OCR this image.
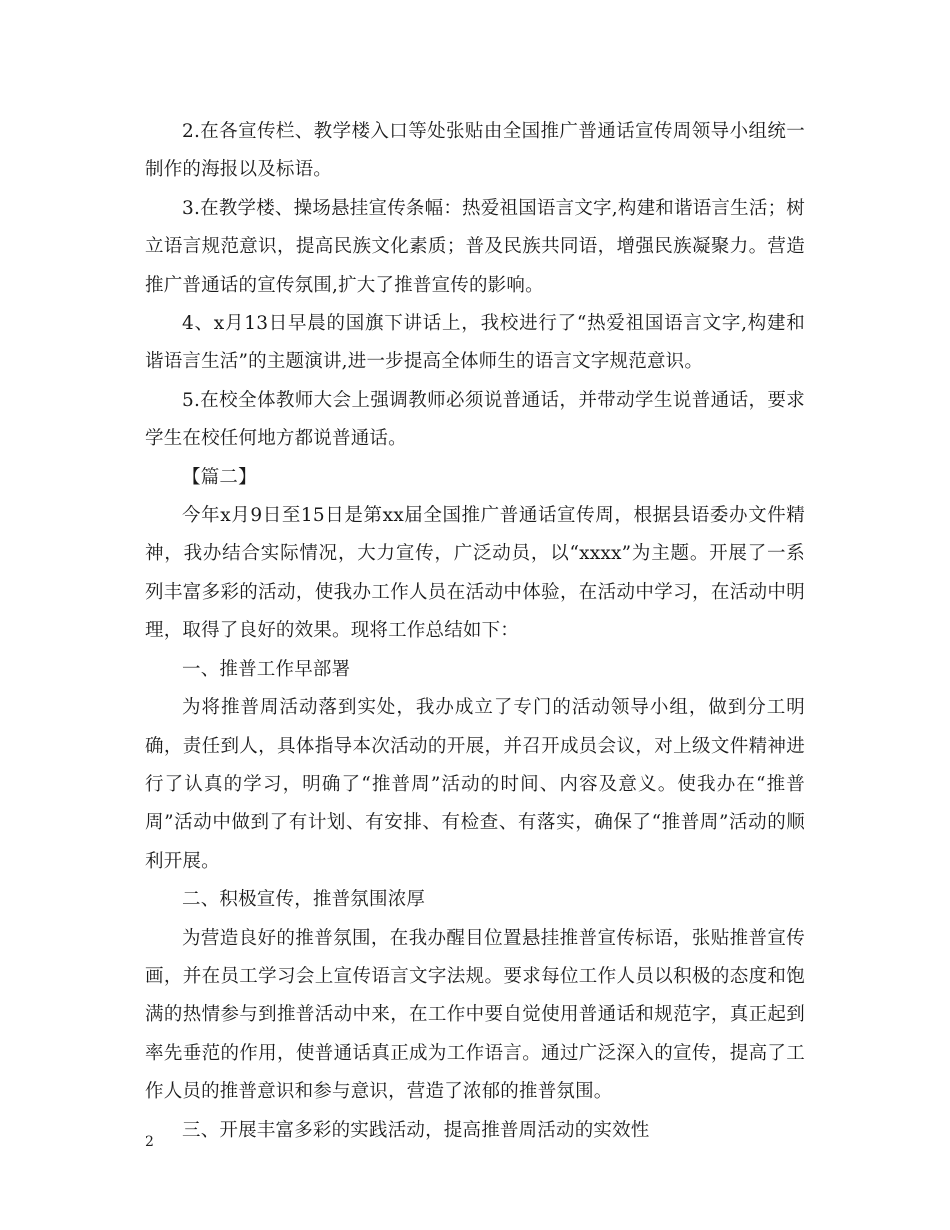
2.在各宣传栏、教学楼入口等处张贴由全国推广普通话宣传周领导小组统一制作的海报以及标语。

3.在教学楼、操场悬挂宣传条幅：热爱祖国语言文字,构建和谐语言生活；树立语言规范意识，提高民族文化素质；普及民族共同语，增强民族凝聚力。营造推广普通话的宣传氛围,扩大了推普宣传的影响。

4、x月13日早晨的国旗下讲话上，我校进行了“热爱祖国语言文字,构建和谐语言生活”的主题演讲,进一步提高全体师生的语言文字规范意识。

5.在校全体教师大会上强调教师必须说普通话，并带动学生说普通话，要求学生在校任何地方都说普通话。

【篇二】

今年x月9日至15日是第xx届全国推广普通话宣传周，根据县语委办文件精神，我办结合实际情况，大力宣传，广泛动员，以“xxxx”为主题。开展了一系列丰富多彩的活动，使我办工作人员在活动中体验，在活动中学习，在活动中明理，取得了良好的效果。现将工作总结如下：

一、推普工作早部署

为将推普周活动落到实处，我办成立了专门的活动领导小组，做到分工明确，责任到人，具体指导本次活动的开展，并召开成员会议，对上级文件精神进行了认真的学习，明确了“推普周”活动的时间、内容及意义。使我办在“推普周”活动中做到了有计划、有安排、有检查、有落实，确保了“推普周”活动的顺利开展。

二、积极宣传，推普氛围浓厚

为营造良好的推普氛围，在我办醒目位置悬挂推普宣传标语，张贴推普宣传画，并在员工学习会上宣传语言文字法规。要求每位工作人员以积极的态度和饱满的热情参与到推普活动中来，在工作中要自觉使用普通话和规范字，真正起到率先垂范的作用，使普通话真正成为工作语言。通过广泛深入的宣传，提高了工作人员的推普意识和参与意识，营造了浓郁的推普氛围。

三、开展丰富多彩的实践活动，提高推普周活动的实效性

2
